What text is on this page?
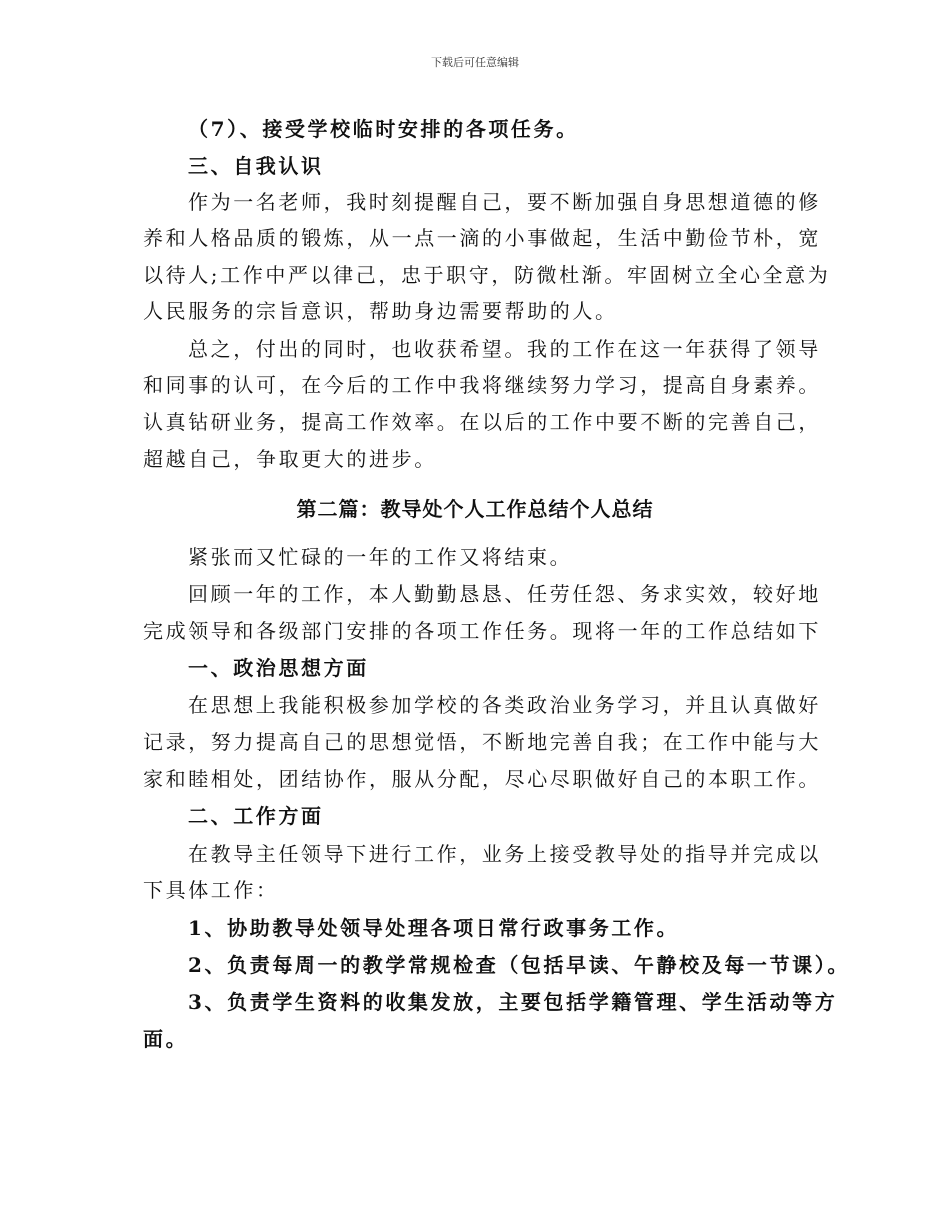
下载后可任意编辑
（7）、接受学校临时安排的各项任务。
三、自我认识
作为一名老师，我时刻提醒自己，要不断加强自身思想道德的修
养和人格品质的锻炼，从一点一滴的小事做起，生活中勤俭节朴，宽
以待人;工作中严以律己，忠于职守，防微杜渐。牢固树立全心全意为
人民服务的宗旨意识，帮助身边需要帮助的人。
总之，付出的同时，也收获希望。我的工作在这一年获得了领导
和同事的认可，在今后的工作中我将继续努力学习，提高自身素养。
认真钻研业务，提高工作效率。在以后的工作中要不断的完善自己，
超越自己，争取更大的进步。
第二篇：教导处个人工作总结个人总结
紧张而又忙碌的一年的工作又将结束。
回顾一年的工作，本人勤勤恳恳、任劳任怨、务求实效，较好地
完成领导和各级部门安排的各项工作任务。现将一年的工作总结如下
一、政治思想方面
在思想上我能积极参加学校的各类政治业务学习，并且认真做好
记录，努力提高自己的思想觉悟，不断地完善自我；在工作中能与大
家和睦相处，团结协作，服从分配，尽心尽职做好自己的本职工作。
二、工作方面
在教导主任领导下进行工作，业务上接受教导处的指导并完成以
下具体工作：
1、协助教导处领导处理各项日常行政事务工作。
2、负责每周一的教学常规检查（包括早读、午静校及每一节课）。
3、负责学生资料的收集发放，主要包括学籍管理、学生活动等方
面。
